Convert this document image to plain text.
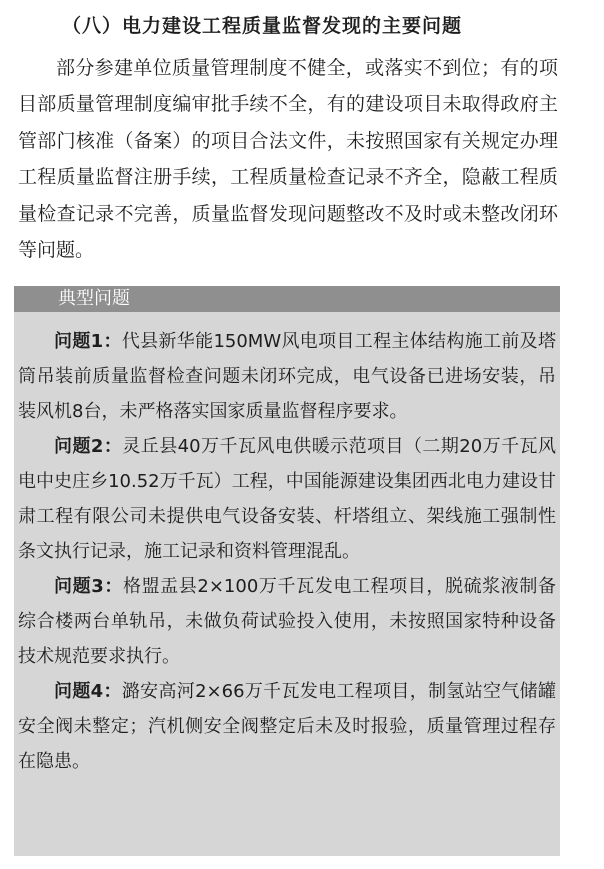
（八）电力建设工程质量监督发现的主要问题

部分参建单位质量管理制度不健全，或落实不到位；有的项目部质量管理制度编审批手续不全，有的建设项目未取得政府主管部门核准（备案）的项目合法文件，未按照国家有关规定办理工程质量监督注册手续，工程质量检查记录不齐全，隐蔽工程质量检查记录不完善，质量监督发现问题整改不及时或未整改闭环等问题。

典型问题

问题1：代县新华能150MW风电项目工程主体结构施工前及塔筒吊装前质量监督检查问题未闭环完成，电气设备已进场安装，吊装风机8台，未严格落实国家质量监督程序要求。

问题2：灵丘县40万千瓦风电供暖示范项目（二期20万千瓦风电中史庄乡10.52万千瓦）工程，中国能源建设集团西北电力建设甘肃工程有限公司未提供电气设备安装、杆塔组立、架线施工强制性条文执行记录，施工记录和资料管理混乱。

问题3：格盟盂县2×100万千瓦发电工程项目，脱硫浆液制备综合楼两台单轨吊，未做负荷试验投入使用，未按照国家特种设备技术规范要求执行。

问题4：潞安高河2×66万千瓦发电工程项目，制氢站空气储罐安全阀未整定；汽机侧安全阀整定后未及时报验，质量管理过程存在隐患。
